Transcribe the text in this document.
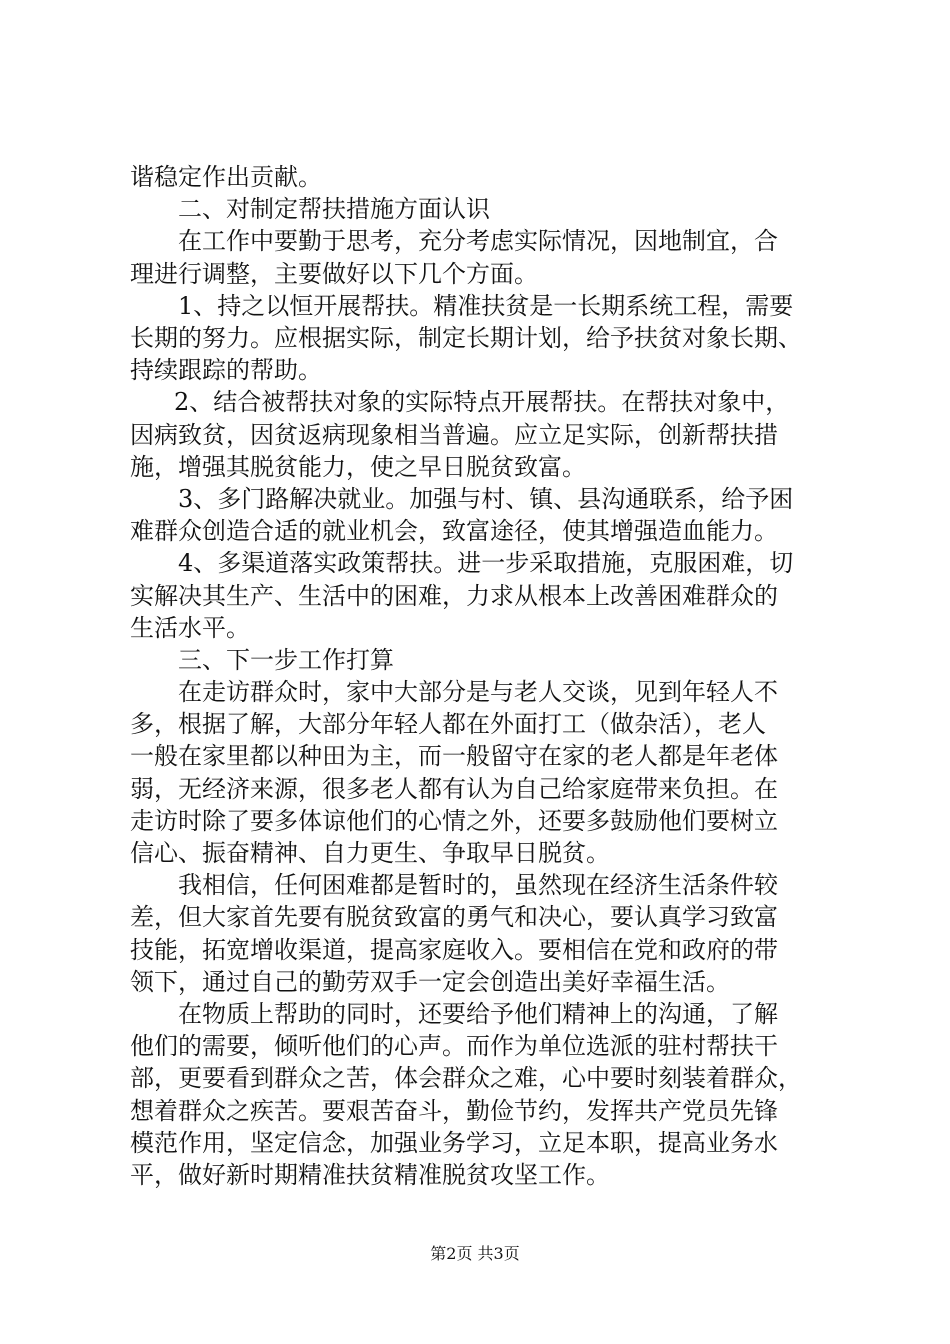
谐稳定作出贡献。
二、对制定帮扶措施方面认识
在工作中要勤于思考，充分考虑实际情况，因地制宜，合
理进行调整，主要做好以下几个方面。
1、持之以恒开展帮扶。精准扶贫是一长期系统工程，需要
长期的努力。应根据实际，制定长期计划，给予扶贫对象长期、
持续跟踪的帮助。
2、结合被帮扶对象的实际特点开展帮扶。在帮扶对象中，
因病致贫，因贫返病现象相当普遍。应立足实际，创新帮扶措
施，增强其脱贫能力，使之早日脱贫致富。
3、多门路解决就业。加强与村、镇、县沟通联系，给予困
难群众创造合适的就业机会，致富途径，使其增强造血能力。
4、多渠道落实政策帮扶。进一步采取措施，克服困难，切
实解决其生产、生活中的困难，力求从根本上改善困难群众的
生活水平。
三、下一步工作打算
在走访群众时，家中大部分是与老人交谈，见到年轻人不
多，根据了解，大部分年轻人都在外面打工（做杂活），老人
一般在家里都以种田为主，而一般留守在家的老人都是年老体
弱，无经济来源，很多老人都有认为自己给家庭带来负担。在
走访时除了要多体谅他们的心情之外，还要多鼓励他们要树立
信心、振奋精神、自力更生、争取早日脱贫。
我相信，任何困难都是暂时的，虽然现在经济生活条件较
差，但大家首先要有脱贫致富的勇气和决心，要认真学习致富
技能，拓宽增收渠道，提高家庭收入。要相信在党和政府的带
领下，通过自己的勤劳双手一定会创造出美好幸福生活。
在物质上帮助的同时，还要给予他们精神上的沟通，了解
他们的需要，倾听他们的心声。而作为单位选派的驻村帮扶干
部，更要看到群众之苦，体会群众之难，心中要时刻装着群众，
想着群众之疾苦。要艰苦奋斗，勤俭节约，发挥共产党员先锋
模范作用，坚定信念，加强业务学习，立足本职，提高业务水
平，做好新时期精准扶贫精准脱贫攻坚工作。
第2页 共3页
